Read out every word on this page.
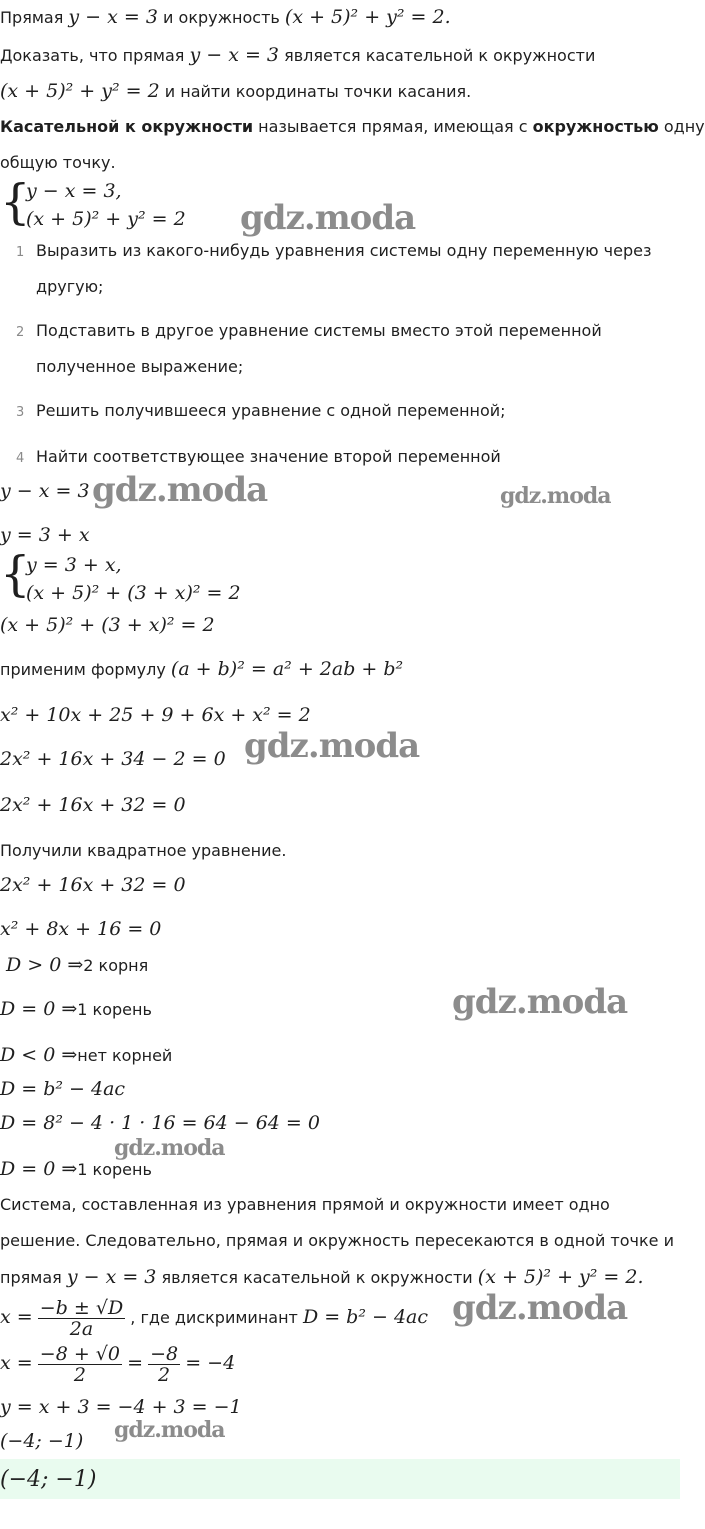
Прямая y − x = 3 и окружность (x + 5)² + y² = 2.
Доказать, что прямая y − x = 3 является касательной к окружности
(x + 5)² + y² = 2 и найти координаты точки касания.
Касательной к окружности называется прямая, имеющая с окружностью одну
общую точку.
{
y − x = 3,
(x + 5)² + y² = 2 gdz.moda
1 Выразить из какого-нибудь уравнения системы одну переменную через
другую;
2 Подставить в другое уравнение системы вместо этой переменной
полученное выражение;
3 Решить получившееся уравнение с одной переменной;
4 Найти соответствующее значение второй переменной
y − x = 3 gdz.moda	gdz.moda
y = 3 + x
{
y = 3 + x,
(x + 5)² + (3 + x)² = 2
(x + 5)² + (3 + x)² = 2
применим формулу (a + b)² = a² + 2ab + b²
x² + 10x + 25 + 9 + 6x + x² = 2
2x² + 16x + 34 − 2 = 0 gdz.moda
2x² + 16x + 32 = 0
Получили квадратное уравнение.
2x² + 16x + 32 = 0
x² + 8x + 16 = 0
D > 0 ⇒2 корня
D = 0 ⇒1 корень	gdz.moda
D < 0 ⇒нет корней
D = b² − 4ac
D = 8² − 4 · 1 · 16 = 64 − 64 = 0
D = 0 ⇒1 корень
gdz.moda
Система, составленная из уравнения прямой и окружности имеет одно
решение. Следовательно, прямая и окружность пересекаются в одной точке и
прямая y − x = 3 является касательной к окружности (x + 5)² + y² = 2.
$x = \frac{-b \pm √D}{2a}$ , где дискриминант D = b² − 4ac gdz.moda
$x = \frac{-8 + √0}{2} = \frac{-8}{2} = -4$
y = x + 3 = −4 + 3 = −1
(−4; −1) gdz.moda
(−4; −1)
